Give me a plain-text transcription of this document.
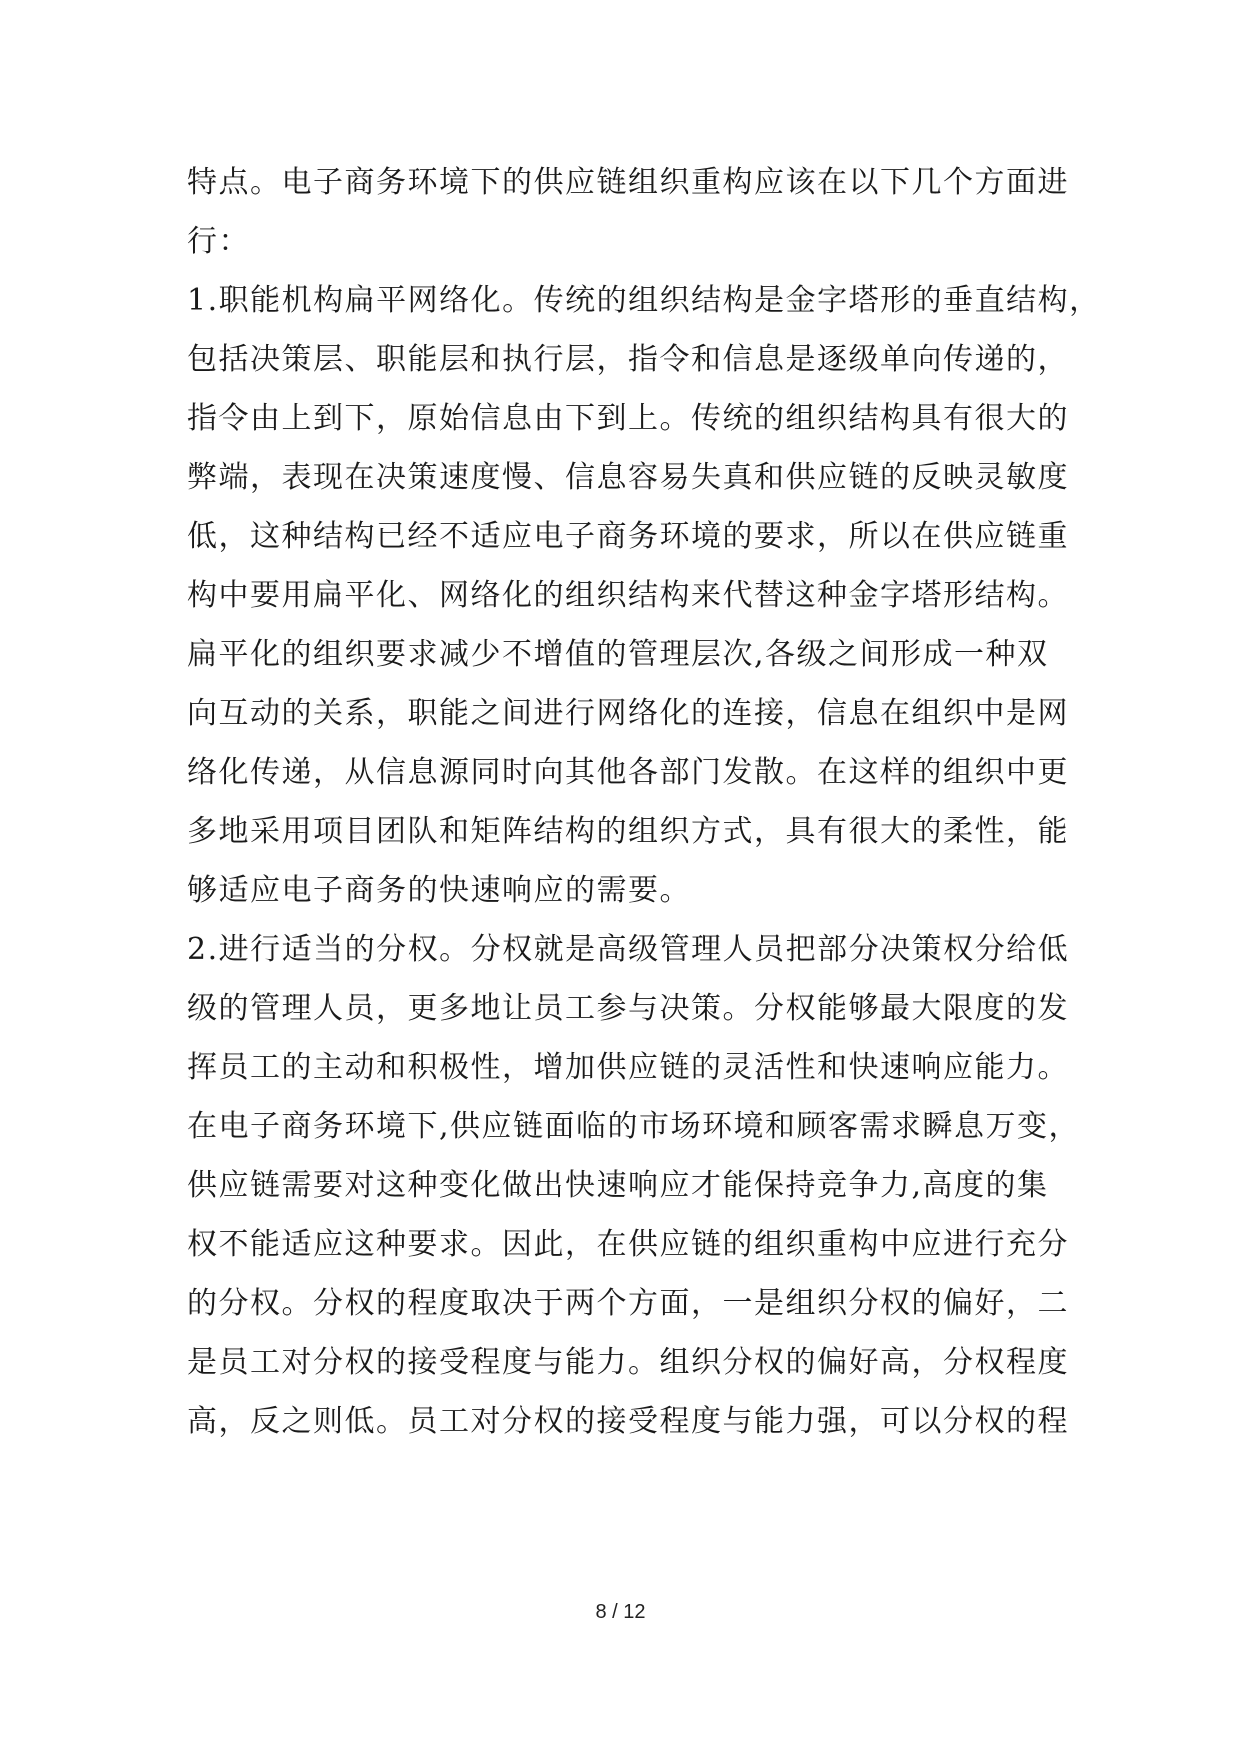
特点。电子商务环境下的供应链组织重构应该在以下几个方面进
行：
1.职能机构扁平网络化。传统的组织结构是金字塔形的垂直结构，
包括决策层、职能层和执行层，指令和信息是逐级单向传递的，
指令由上到下，原始信息由下到上。传统的组织结构具有很大的
弊端，表现在决策速度慢、信息容易失真和供应链的反映灵敏度
低，这种结构已经不适应电子商务环境的要求，所以在供应链重
构中要用扁平化、网络化的组织结构来代替这种金字塔形结构。
扁平化的组织要求减少不增值的管理层次,各级之间形成一种双
向互动的关系，职能之间进行网络化的连接，信息在组织中是网
络化传递，从信息源同时向其他各部门发散。在这样的组织中更
多地采用项目团队和矩阵结构的组织方式，具有很大的柔性，能
够适应电子商务的快速响应的需要。
2.进行适当的分权。分权就是高级管理人员把部分决策权分给低
级的管理人员，更多地让员工参与决策。分权能够最大限度的发
挥员工的主动和积极性，增加供应链的灵活性和快速响应能力。
在电子商务环境下,供应链面临的市场环境和顾客需求瞬息万变，
供应链需要对这种变化做出快速响应才能保持竞争力,高度的集
权不能适应这种要求。因此，在供应链的组织重构中应进行充分
的分权。分权的程度取决于两个方面，一是组织分权的偏好，二
是员工对分权的接受程度与能力。组织分权的偏好高，分权程度
高，反之则低。员工对分权的接受程度与能力强，可以分权的程
8 / 12
